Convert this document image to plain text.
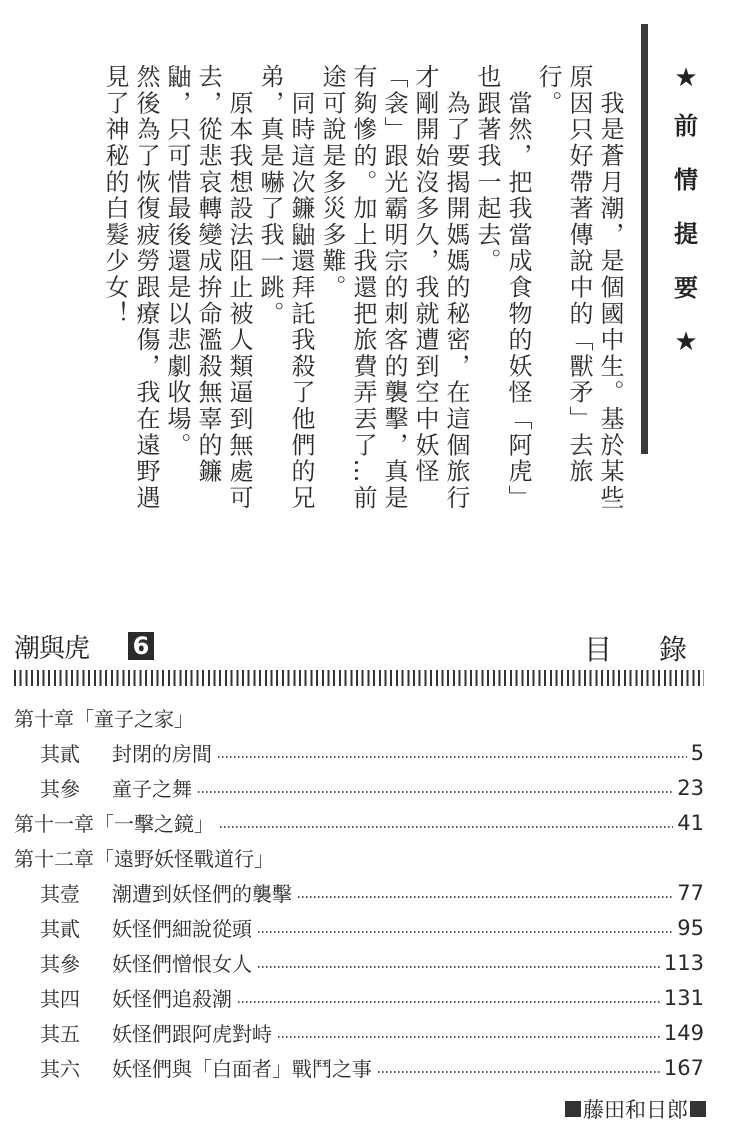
　我是蒼月潮，是個國中生。基於某些
原因只好帶著傳說中的「獸矛」去旅
行。
　當然，把我當成食物的妖怪「阿虎」
也跟著我一起去。
　為了要揭開媽媽的秘密，在這個旅行
才剛開始沒多久，我就遭到空中妖怪
「衾」跟光霸明宗的刺客的襲擊，真是
有夠慘的。加上我還把旅費弄丟了…前
途可說是多災多難。
　同時這次鐮鼬還拜託我殺了他們的兄
弟，真是嚇了我一跳。
　原本我想設法阻止被人類逼到無處可
去，從悲哀轉變成拚命濫殺無辜的鐮
鼬，只可惜最後還是以悲劇收場。
然後為了恢復疲勞跟療傷，我在遠野遇
見了神秘的白髮少女！	★
前
情
提
要
★
潮與虎 6	目 錄
第十章「童子之家」
其貳	封閉的房間	5
其參	童子之舞	23
第十一章「一擊之鏡」	41
第十二章「遠野妖怪戰道行」
其壹	潮遭到妖怪們的襲擊	77
其貳	妖怪們細說從頭	95
其參	妖怪們憎恨女人	113
其四	妖怪們追殺潮	131
其五	妖怪們跟阿虎對峙	149
其六	妖怪們與「白面者」戰鬥之事	167
藤田和日郎
